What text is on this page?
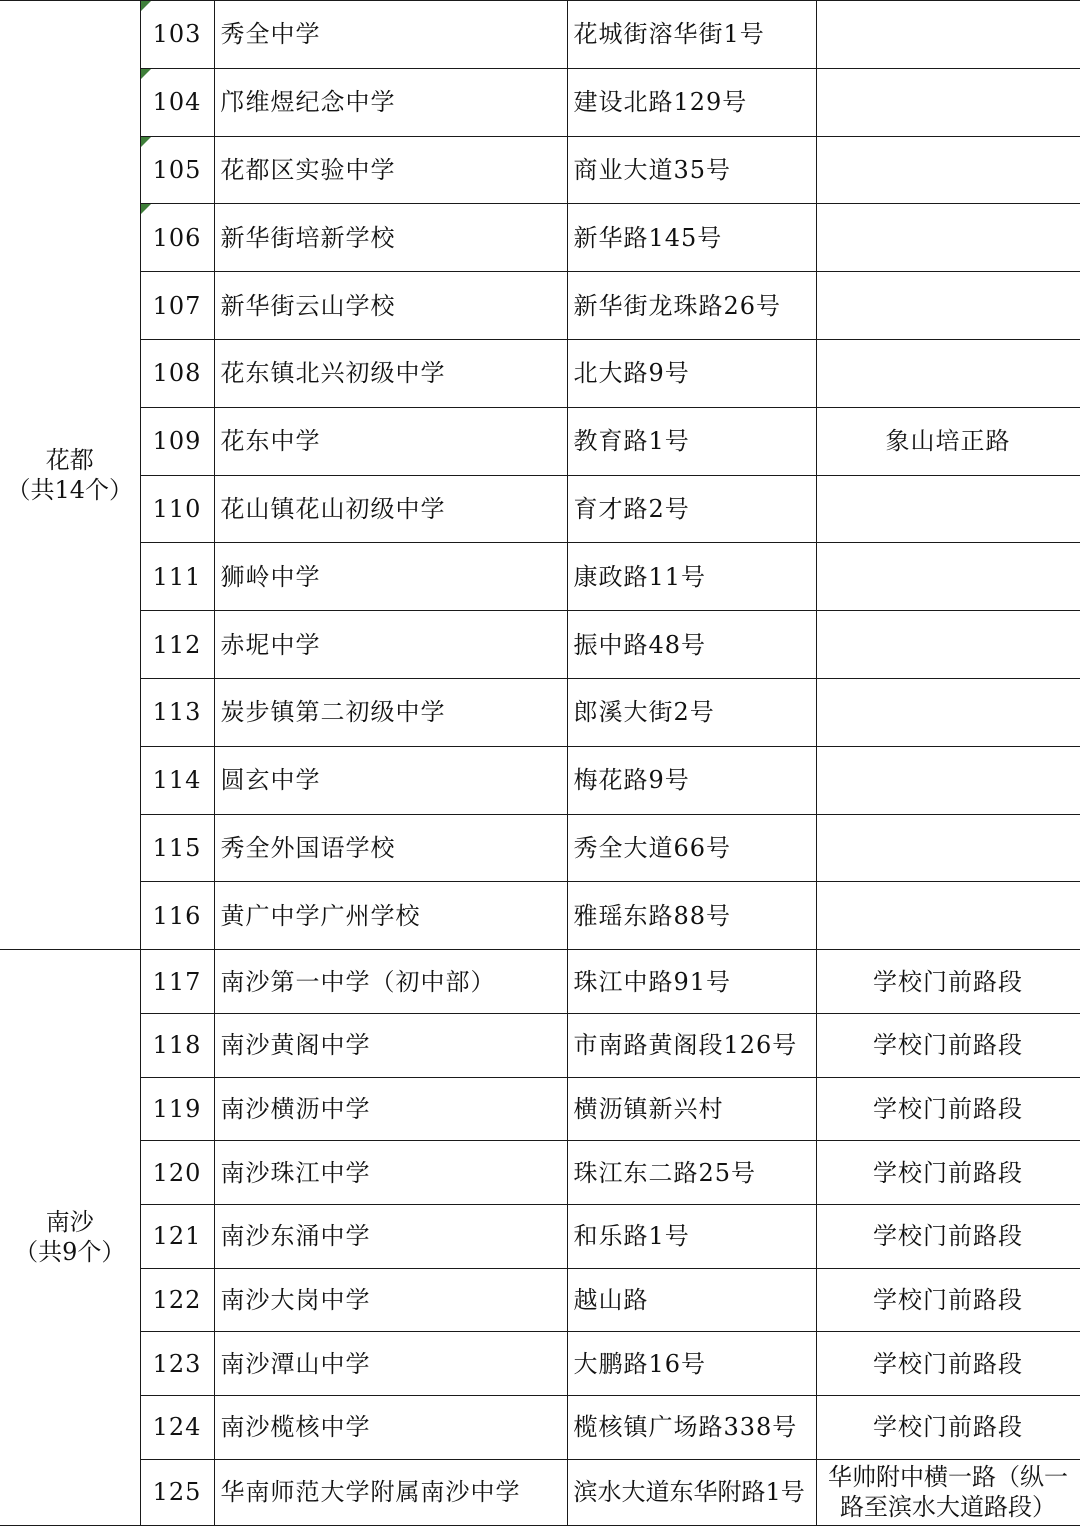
花都
（共14个）	103	秀全中学	花城街溶华街1号	

104	邝维煜纪念中学	建设北路129号	

105	花都区实验中学	商业大道35号	

106	新华街培新学校	新华路145号	
	107	新华街云山学校	新华街龙珠路26号	
	108	花东镇北兴初级中学	北大路9号	
	109	花东中学	教育路1号	象山培正路
	110	花山镇花山初级中学	育才路2号	
	111	狮岭中学	康政路11号	
	112	赤坭中学	振中路48号	
	113	炭步镇第二初级中学	郎溪大街2号	
	114	圆玄中学	梅花路9号	
	115	秀全外国语学校	秀全大道66号	
	116	黄广中学广州学校	雅瑶东路88号	

南沙
（共9个）	117	南沙第一中学（初中部）	珠江中路91号	学校门前路段
	118	南沙黄阁中学	市南路黄阁段126号	学校门前路段
	119	南沙横沥中学	横沥镇新兴村	学校门前路段
	120	南沙珠江中学	珠江东二路25号	学校门前路段
	121	南沙东涌中学	和乐路1号	学校门前路段
	122	南沙大岗中学	越山路	学校门前路段
	123	南沙潭山中学	大鹏路16号	学校门前路段
	124	南沙榄核中学	榄核镇广场路338号	学校门前路段
	125	华南师范大学附属南沙中学	滨水大道东华附路1号	华帅附中横一路（纵一路至滨水大道路段）
